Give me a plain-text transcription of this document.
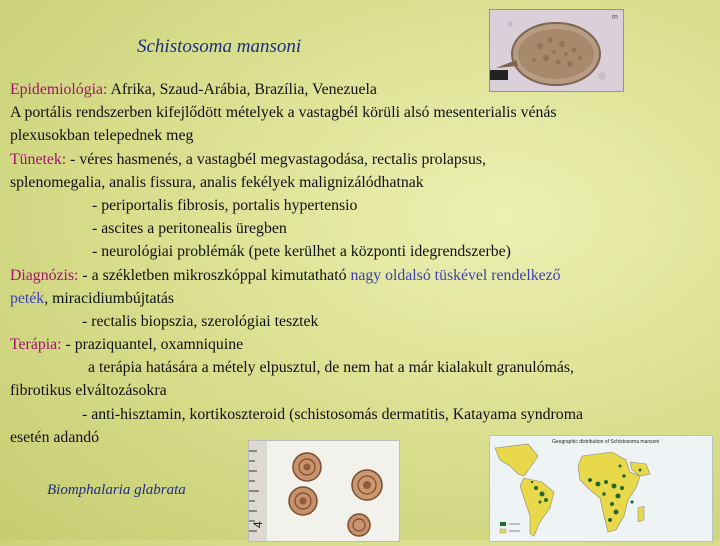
Schistosoma mansoni
m
Epidemiológia: Afrika, Szaud-Arábia, Brazília, Venezuela
A portális rendszerben kifejlődött mételyek a vastagbél körüli alsó mesenterialis vénás
plexusokban telepednek meg
Tünetek: - véres hasmenés, a vastagbél megvastagodása, rectalis prolapsus,
splenomegalia, analis fissura, analis fekélyek malignizálódhatnak
- periportalis fibrosis, portalis hypertensio
- ascites a peritonealis üregben
- neurológiai problémák (pete kerülhet a központi idegrendszerbe)
Diagnózis: - a székletben mikroszkóppal kimutatható nagy oldalsó tüskével rendelkező
peték, miracidiumbújtatás
- rectalis biopszia, szerológiai tesztek
Terápia: - praziquantel, oxamniquine
a terápia hatására a métely elpusztul, de nem hat a már kialakult granulómás,
fibrotikus elváltozásokra
- anti-hisztamin, kortikoszteroid (schistosomás dermatitis, Katayama syndroma
esetén adandó
Biomphalaria glabrata
4
Geographic distribution of Schistosoma mansoni
